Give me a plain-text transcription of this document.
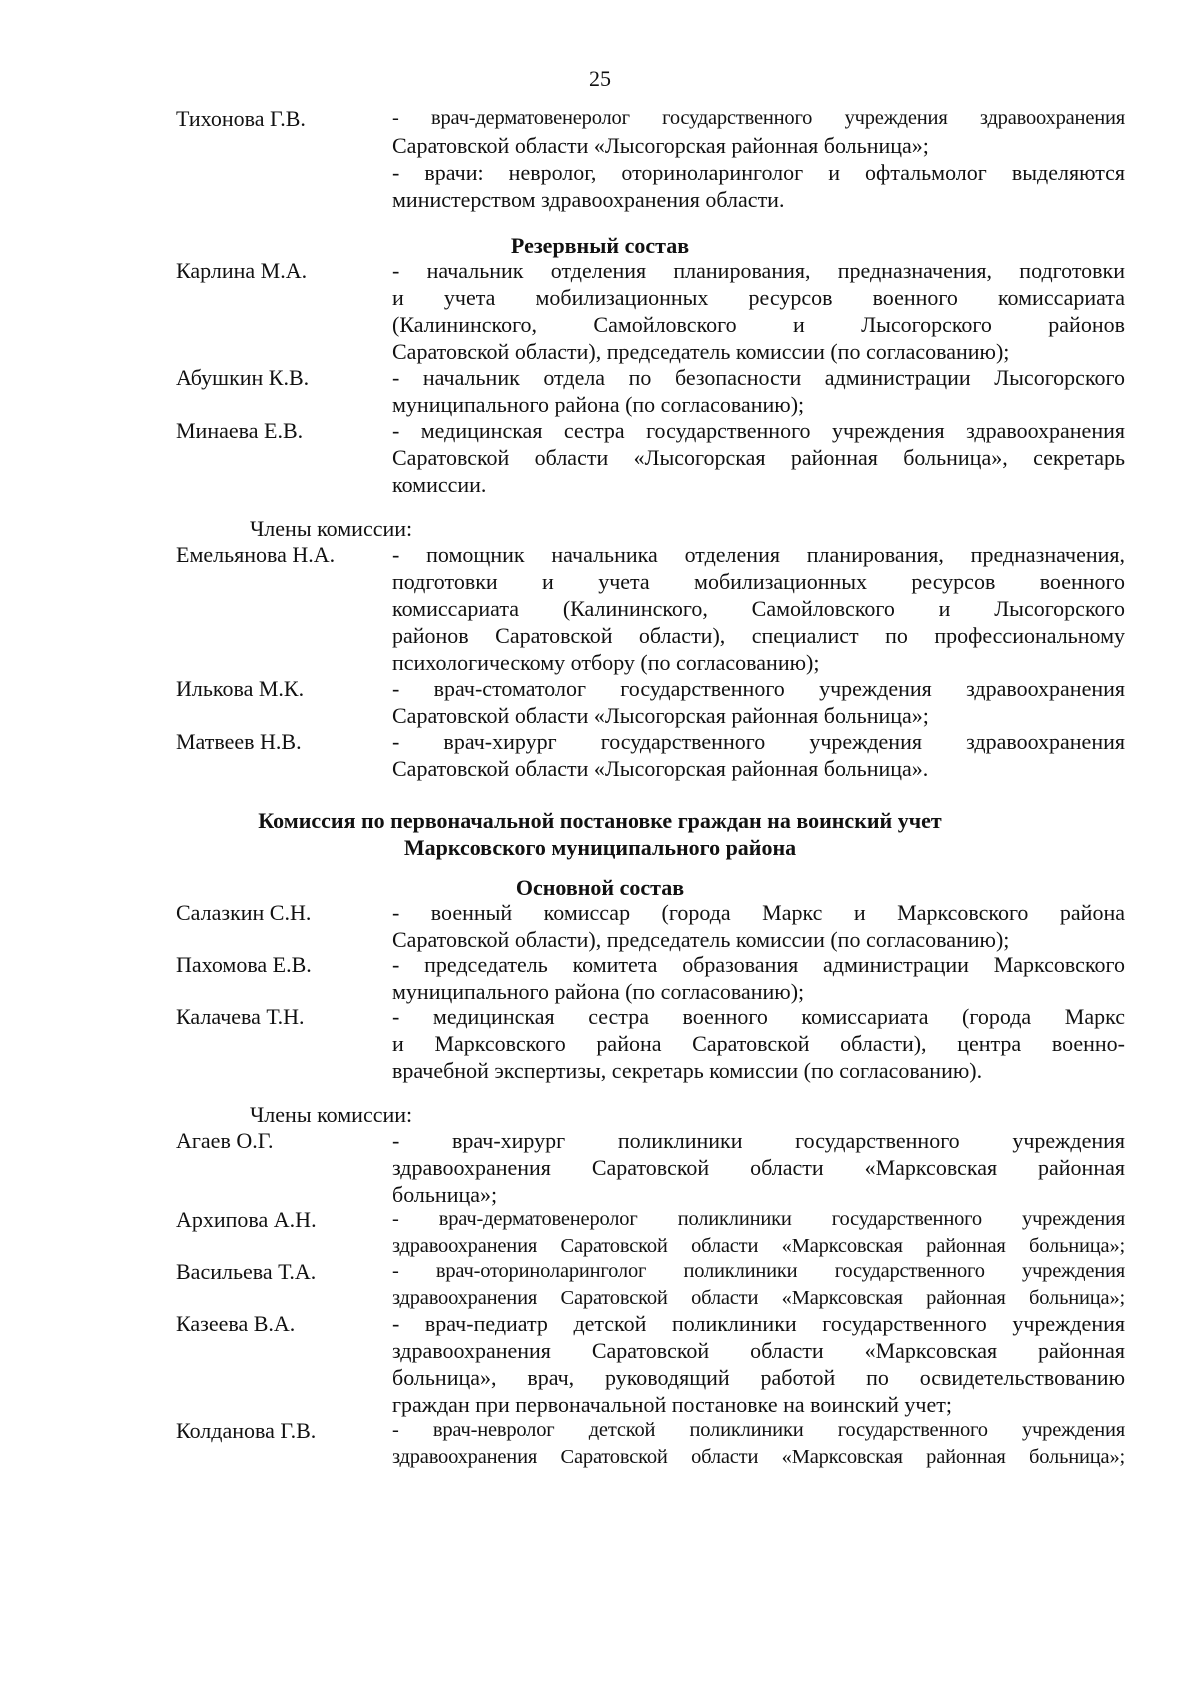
25
Тихонова Г.В.	- врач-дерматовенеролог государственного учреждения здравоохранения
Саратовской области «Лысогорская районная больница»;
- врачи: невролог, оториноларинголог и офтальмолог выделяются
министерством здравоохранения области.
Резервный состав
Карлина М.А.	- начальник отделения планирования, предназначения, подготовки
и учета мобилизационных ресурсов военного комиссариата
(Калининского, Самойловского и Лысогорского районов
Саратовской области), председатель комиссии (по согласованию);
Абушкин К.В.	- начальник отдела по безопасности администрации Лысогорского
муниципального района (по согласованию);
Минаева Е.В.	- медицинская сестра государственного учреждения здравоохранения
Саратовской области «Лысогорская районная больница», секретарь
комиссии.
Члены комиссии:
Емельянова Н.А.	- помощник начальника отделения планирования, предназначения,
подготовки и учета мобилизационных ресурсов военного
комиссариата (Калининского, Самойловского и Лысогорского
районов Саратовской области), специалист по профессиональному
психологическому отбору (по согласованию);
Илькова М.К.	- врач-стоматолог государственного учреждения здравоохранения
Саратовской области «Лысогорская районная больница»;
Матвеев Н.В.	- врач-хирург государственного учреждения здравоохранения
Саратовской области «Лысогорская районная больница».
Комиссия по первоначальной постановке граждан на воинский учет
Марксовского муниципального района
Основной состав
Салазкин С.Н.	- военный комиссар (города Маркс и Марксовского района
Саратовской области), председатель комиссии (по согласованию);
Пахомова Е.В.	- председатель комитета образования администрации Марксовского
муниципального района (по согласованию);
Калачева Т.Н.	- медицинская сестра военного комиссариата (города Маркс
и Марксовского района Саратовской области), центра военно-
врачебной экспертизы, секретарь комиссии (по согласованию).
Члены комиссии:
Агаев О.Г.	- врач-хирург поликлиники государственного учреждения
здравоохранения Саратовской области «Марксовская районная
больница»;
Архипова А.Н.	- врач-дерматовенеролог поликлиники государственного учреждения
здравоохранения Саратовской области «Марксовская районная больница»;
Васильева Т.А.	- врач-оториноларинголог поликлиники государственного учреждения
здравоохранения Саратовской области «Марксовская районная больница»;
Казеева В.А.	- врач-педиатр детской поликлиники государственного учреждения
здравоохранения Саратовской области «Марксовская районная
больница», врач, руководящий работой по освидетельствованию
граждан при первоначальной постановке на воинский учет;
Колданова Г.В.	- врач-невролог детской поликлиники государственного учреждения
здравоохранения Саратовской области «Марксовская районная больница»;
